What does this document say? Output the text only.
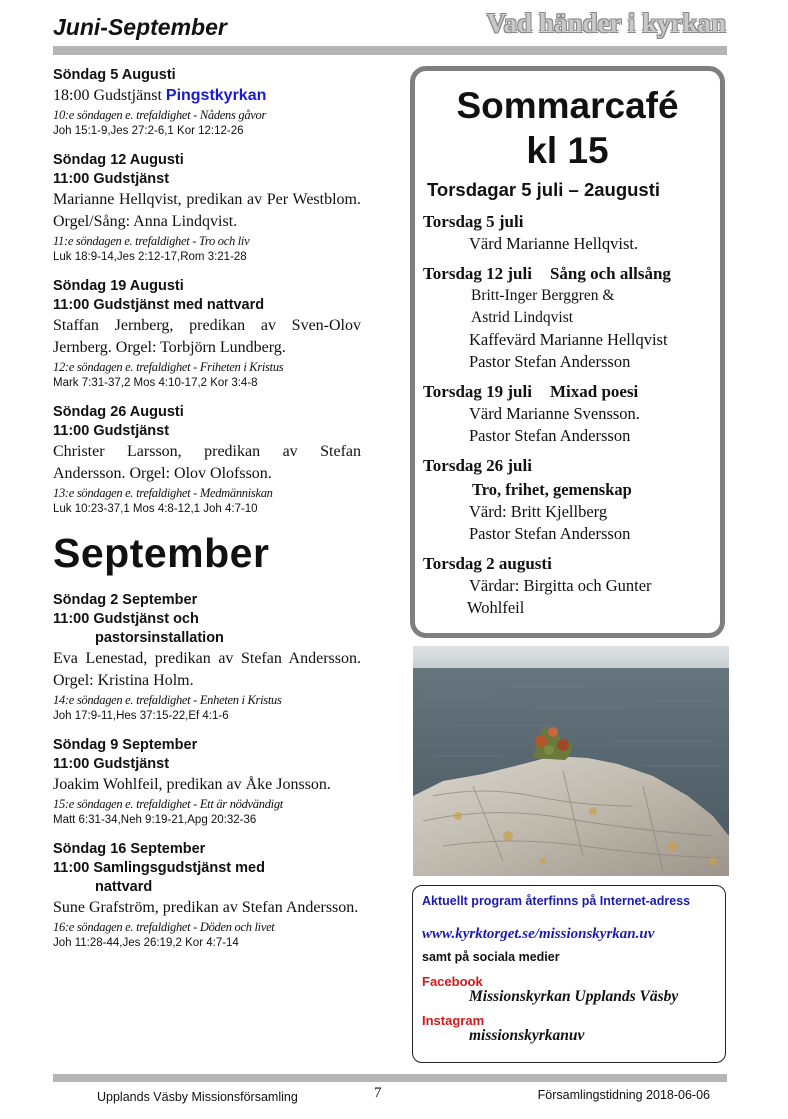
Juni-September	Vad händer i kyrkan
Söndag 5 Augusti
18:00 Gudstjänst Pingstkyrkan
10:e söndagen e. trefaldighet - Nådens gåvor
Joh 15:1-9,Jes 27:2-6,1 Kor 12:12-26
Söndag 12 Augusti
11:00 Gudstjänst
Marianne Hellqvist, predikan av Per Westblom. Orgel/Sång: Anna Lindqvist.
11:e söndagen e. trefaldighet - Tro och liv
Luk 18:9-14,Jes 2:12-17,Rom 3:21-28
Söndag 19 Augusti
11:00 Gudstjänst med nattvard
Staffan Jernberg, predikan av Sven-Olov Jernberg. Orgel: Torbjörn Lundberg.
12:e söndagen e. trefaldighet - Friheten i Kristus
Mark 7:31-37,2 Mos 4:10-17,2 Kor 3:4-8
Söndag 26 Augusti
11:00 Gudstjänst
Christer Larsson, predikan av Stefan Andersson. Orgel: Olov Olofsson.
13:e söndagen e. trefaldighet - Medmänniskan
Luk 10:23-37,1 Mos 4:8-12,1 Joh 4:7-10
September
Söndag 2 September
11:00 Gudstjänst och
pastorsinstallation
Eva Lenestad, predikan av Stefan Andersson. Orgel: Kristina Holm.
14:e söndagen e. trefaldighet - Enheten i Kristus
Joh 17:9-11,Hes 37:15-22,Ef 4:1-6
Söndag 9 September
11:00 Gudstjänst
Joakim Wohlfeil, predikan av Åke Jonsson.
15:e söndagen e. trefaldighet - Ett är nödvändigt
Matt 6:31-34,Neh 9:19-21,Apg 20:32-36
Söndag 16 September
11:00 Samlingsgudstjänst med
nattvard
Sune Grafström, predikan av Stefan Andersson.
16:e söndagen e. trefaldighet - Döden och livet
Joh 11:28-44,Jes 26:19,2 Kor 4:7-14
Sommarcafé
kl 15
Torsdagar 5 juli – 2augusti
Torsdag 5 juli
Värd Marianne Hellqvist.
Torsdag 12 juli Sång och allsång
Britt-Inger Berggren &
Astrid Lindqvist
Kaffevärd Marianne Hellqvist
Pastor Stefan Andersson
Torsdag 19 juli Mixad poesi
Värd Marianne Svensson.
Pastor Stefan Andersson
Torsdag 26 juli
Tro, frihet, gemenskap
Värd: Britt Kjellberg
Pastor Stefan Andersson
Torsdag 2 augusti
Värdar: Birgitta och Gunter
Wohlfeil
Aktuellt program återfinns på Internet-adress
www.kyrktorget.se/missionskyrkan.uv
samt på sociala medier
Facebook
Missionskyrkan Upplands Väsby
Instagram
missionskyrkanuv
Upplands Väsby Missionsförsamling	7	Församlingstidning 2018-06-06
